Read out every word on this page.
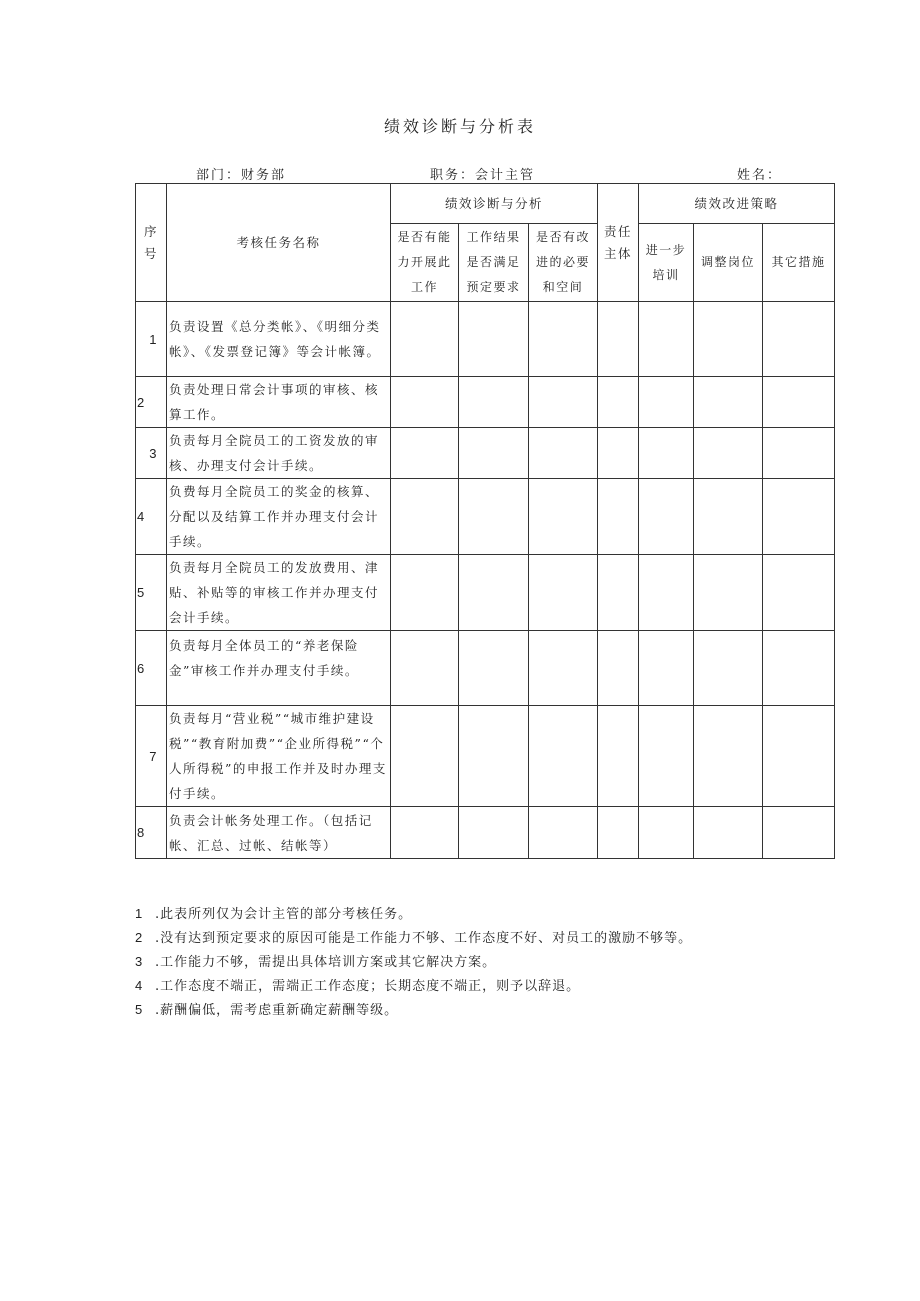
绩效诊断与分析表
部门：财务部	职务：会计主管	姓名：
序号	考核任务名称	绩效诊断与分析			责任主体	绩效改进策略		
		是否有能力开展此工作	工作结果是否满足预定要求	是否有改进的必要和空间		进一步培训	调整岗位	其它措施
1	负责设置《总分类帐》、《明细分类帐》、《发票登记簿》等会计帐簿。							
2	负责处理日常会计事项的审核、核算工作。							
3	负责每月全院员工的工资发放的审核、办理支付会计手续。							
4	负费每月全院员工的奖金的核算、分配以及结算工作并办理支付会计手续。							
5	负责每月全院员工的发放费用、津贴、补贴等的审核工作并办理支付会计手续。							
6	负责每月全体员工的“养老保险金”审核工作并办理支付手续。							
7	负责每月“营业税”“城市维护建设税”“教育附加费”“企业所得税”“个人所得税”的申报工作并及时办理支付手续。							
8	负责会计帐务处理工作。（包括记帐、汇总、过帐、结帐等）							
1 .此表所列仅为会计主管的部分考核任务。
2 .没有达到预定要求的原因可能是工作能力不够、工作态度不好、对员工的激励不够等。
3 .工作能力不够，需提出具体培训方案或其它解决方案。
4 .工作态度不端正，需端正工作态度；长期态度不端正，则予以辞退。
5 .薪酬偏低，需考虑重新确定薪酬等级。
